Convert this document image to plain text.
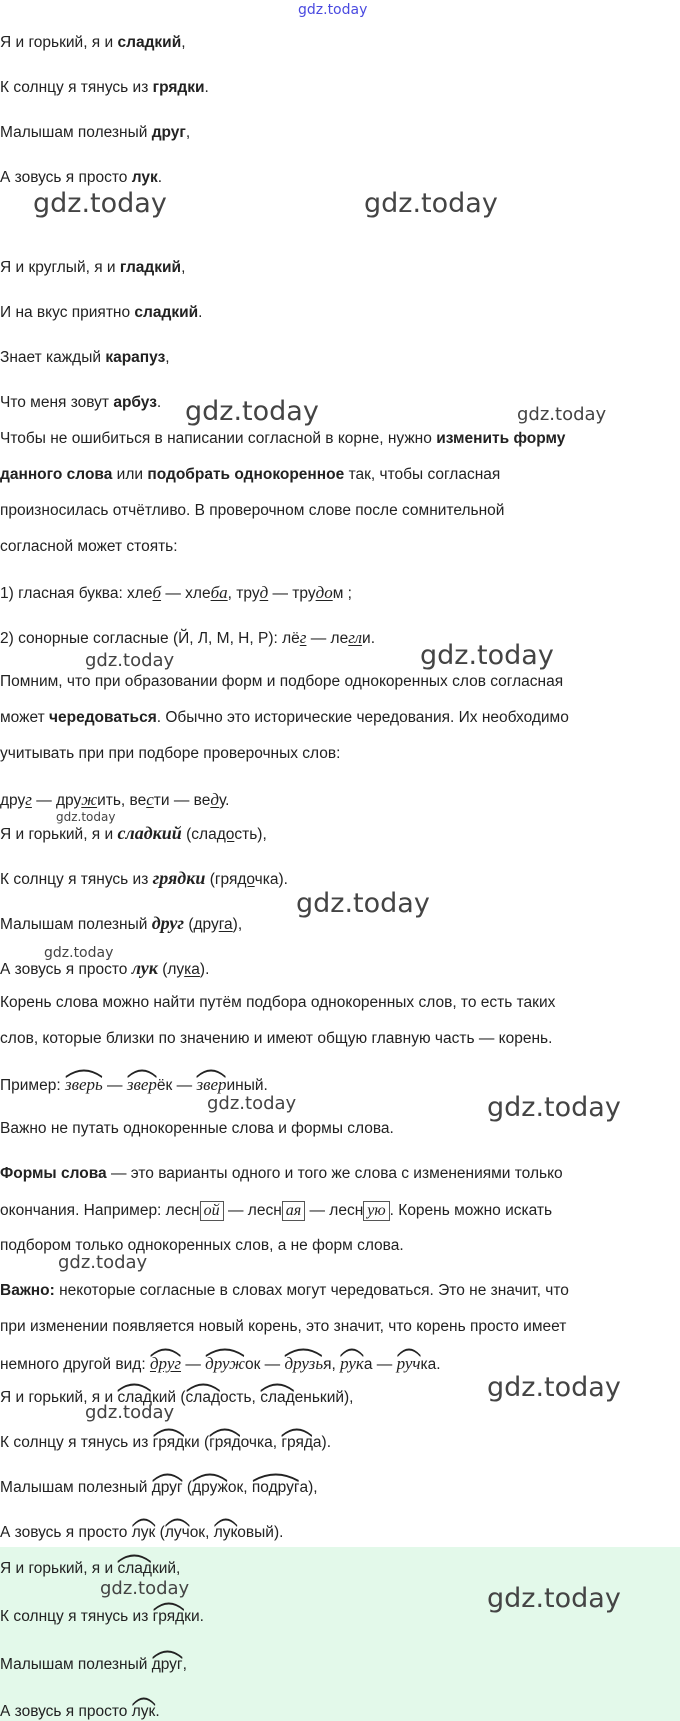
gdz.today
Я и горький, я и сладкий,
К солнцу я тянусь из грядки.
Малышам полезный друг,
А зовусь я просто лук.
gdz.today	gdz.today
Я и круглый, я и гладкий,
И на вкус приятно сладкий.
Знает каждый карапуз,
Что меня зовут арбуз. gdz.today	gdz.today
Чтобы не ошибиться в написании согласной в корне, нужно изменить форму
данного слова или подобрать однокоренное так, чтобы согласная
произносилась отчётливо. В проверочном слове после сомнительной
согласной может стоять:
1) гласная буква: хлеб — хлеба, труд — трудом ;
2) сонорные согласные (Й, Л, М, Н, Р): лёг — легли.
gdz.today	gdz.today
Помним, что при образовании форм и подборе однокоренных слов согласная
может чередоваться. Обычно это исторические чередования. Их необходимо
учитывать при при подборе проверочных слов:
друг — дружить, вести — веду.
gdz.today
Я и горький, я и сладкий (сладость),
К солнцу я тянусь из грядки (грядочка).
Малышам полезный друг (друга),
А зовусь я просто лук (лука).
gdz.today
gdz.today
Корень слова можно найти путём подбора однокоренных слов, то есть таких
слов, которые близки по значению и имеют общую главную часть — корень.
Пример: зверь — зверёк — звериный.
gdz.today	gdz.today
Важно не путать однокоренные слова и формы слова.
Формы слова — это варианты одного и того же слова с изменениями только
окончания. Например: лесн ой — лесн ая — лесн ую . Корень можно искать
подбором только однокоренных слов, а не форм слова.
gdz.today
Важно: некоторые согласные в словах могут чередоваться. Это не значит, что
при изменении появляется новый корень, это значит, что корень просто имеет
немного другой вид: друг — дружок — друзья, рука — ручка.
Я и горький, я и сладкий (
сладость, сладенький),
gdz.today
gdz.today
К солнцу я тянусь из грядки (
грядочка, гряда).
Малышам полезный друг (
дружок, подруга),
А зовусь я просто лук (
лучок, луковый).
Я и горький, я и сладкий,
gdz.today	gdz.today
К солнцу я тянусь из грядки.
Малышам полезный друг,
А зовусь я просто лук.
